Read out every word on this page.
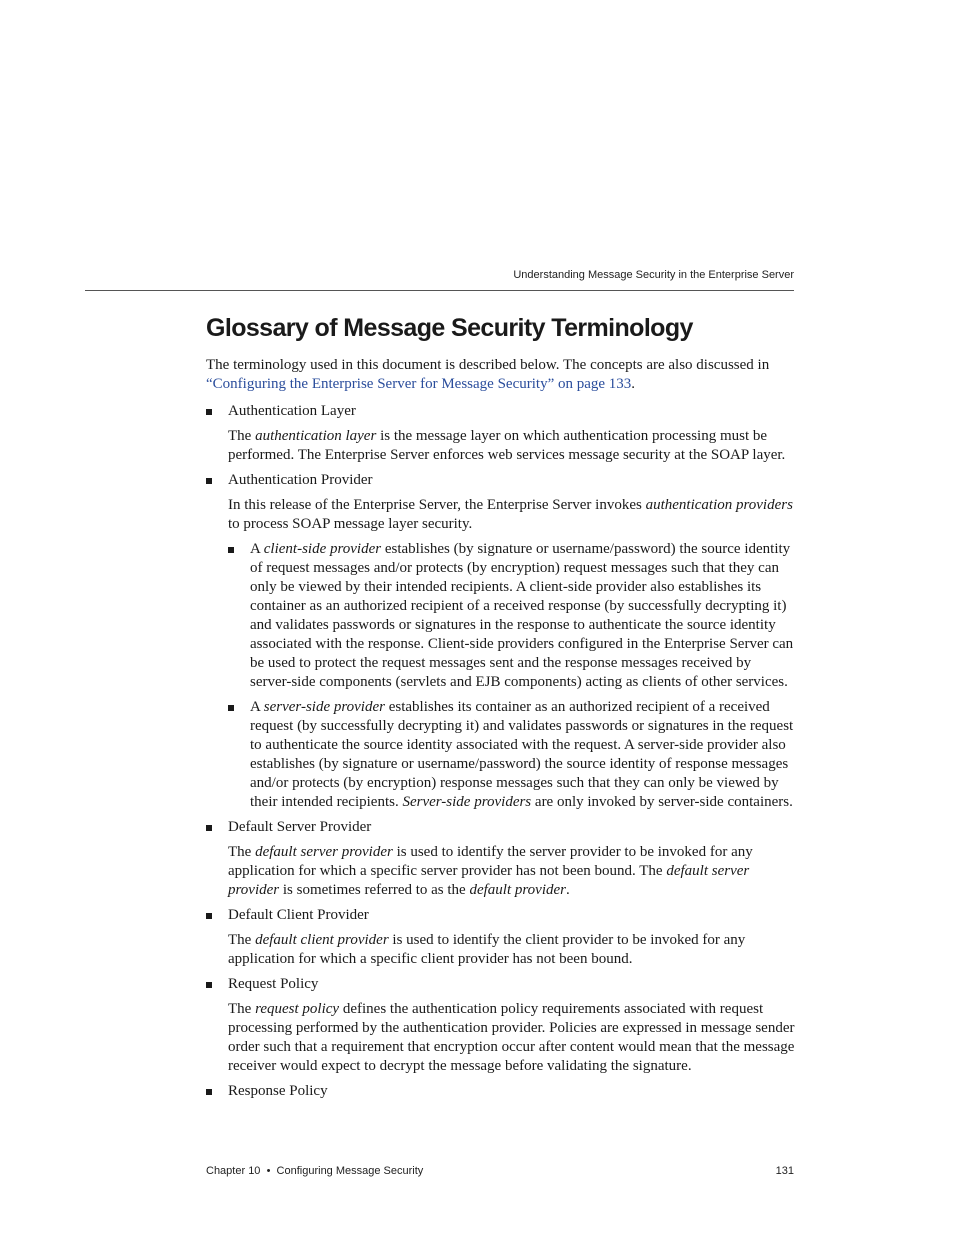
Understanding Message Security in the Enterprise Server
Glossary of Message Security Terminology

The terminology used in this document is described below. The concepts are also discussed in
“Configuring the Enterprise Server for Message Security” on page 133.

Authentication Layer

The authentication layer is the message layer on which authentication processing must be performed. The Enterprise Server enforces web services message security at the SOAP layer.

Authentication Provider

In this release of the Enterprise Server, the Enterprise Server invokes authentication providers to process SOAP message layer security.

A client-side provider establishes (by signature or username/password) the source identity of request messages and/or protects (by encryption) request messages such that they can only be viewed by their intended recipients. A client-side provider also establishes its container as an authorized recipient of a received response (by successfully decrypting it) and validates passwords or signatures in the response to authenticate the source identity associated with the response. Client-side providers configured in the Enterprise Server can be used to protect the request messages sent and the response messages received by server-side components (servlets and EJB components) acting as clients of other services.

A server-side provider establishes its container as an authorized recipient of a received request (by successfully decrypting it) and validates passwords or signatures in the request to authenticate the source identity associated with the request. A server-side provider also establishes (by signature or username/password) the source identity of response messages and/or protects (by encryption) response messages such that they can only be viewed by their intended recipients. Server-side providers are only invoked by server-side containers.

Default Server Provider

The default server provider is used to identify the server provider to be invoked for any application for which a specific server provider has not been bound. The default server provider is sometimes referred to as the default provider.

Default Client Provider

The default client provider is used to identify the client provider to be invoked for any application for which a specific client provider has not been bound.

Request Policy

The request policy defines the authentication policy requirements associated with request processing performed by the authentication provider. Policies are expressed in message sender order such that a requirement that encryption occur after content would mean that the message receiver would expect to decrypt the message before validating the signature.

Response Policy
Chapter 10 • Configuring Message Security	131
